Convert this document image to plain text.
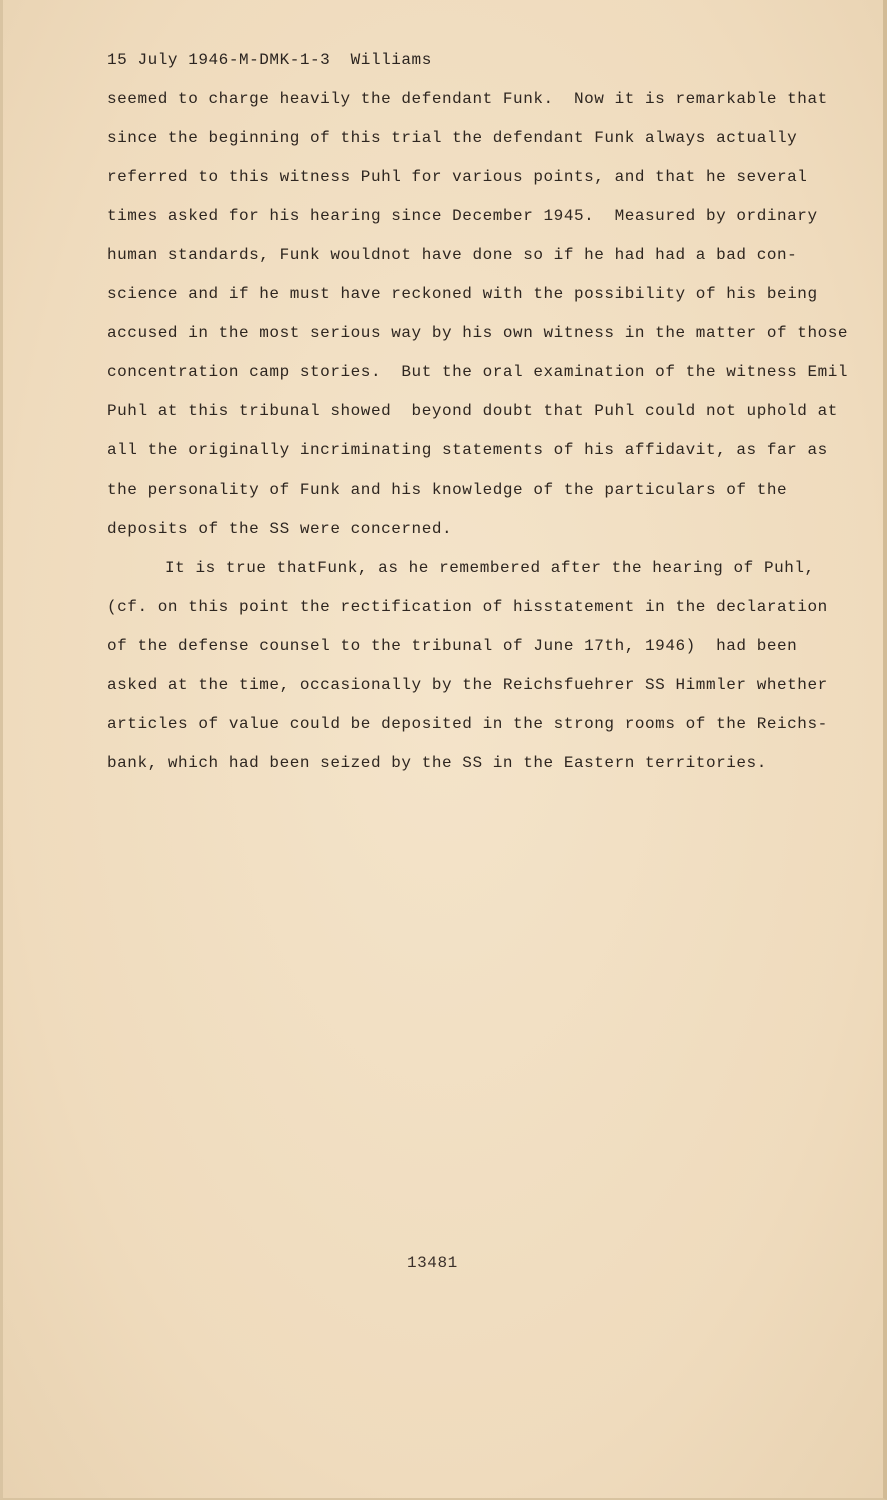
15 July 1946-M-DMK-1-3  Williams
seemed to charge heavily the defendant Funk.  Now it is remarkable that
since the beginning of this trial the defendant Funk always actually
referred to this witness Puhl for various points, and that he several
times asked for his hearing since December 1945.  Measured by ordinary
human standards, Funk wouldnot have done so if he had had a bad con-
science and if he must have reckoned with the possibility of his being
accused in the most serious way by his own witness in the matter of those
concentration camp stories.  But the oral examination of the witness Emil
Puhl at this tribunal showed  beyond doubt that Puhl could not uphold at
all the originally incriminating statements of his affidavit, as far as
the personality of Funk and his knowledge of the particulars of the
deposits of the SS were concerned.
It is true thatFunk, as he remembered after the hearing of Puhl,
(cf. on this point the rectification of hisstatement in the declaration
of the defense counsel to the tribunal of June 17th, 1946)  had been
asked at the time, occasionally by the Reichsfuehrer SS Himmler whether
articles of value could be deposited in the strong rooms of the Reichs-
bank, which had been seized by the SS in the Eastern territories.
13481
